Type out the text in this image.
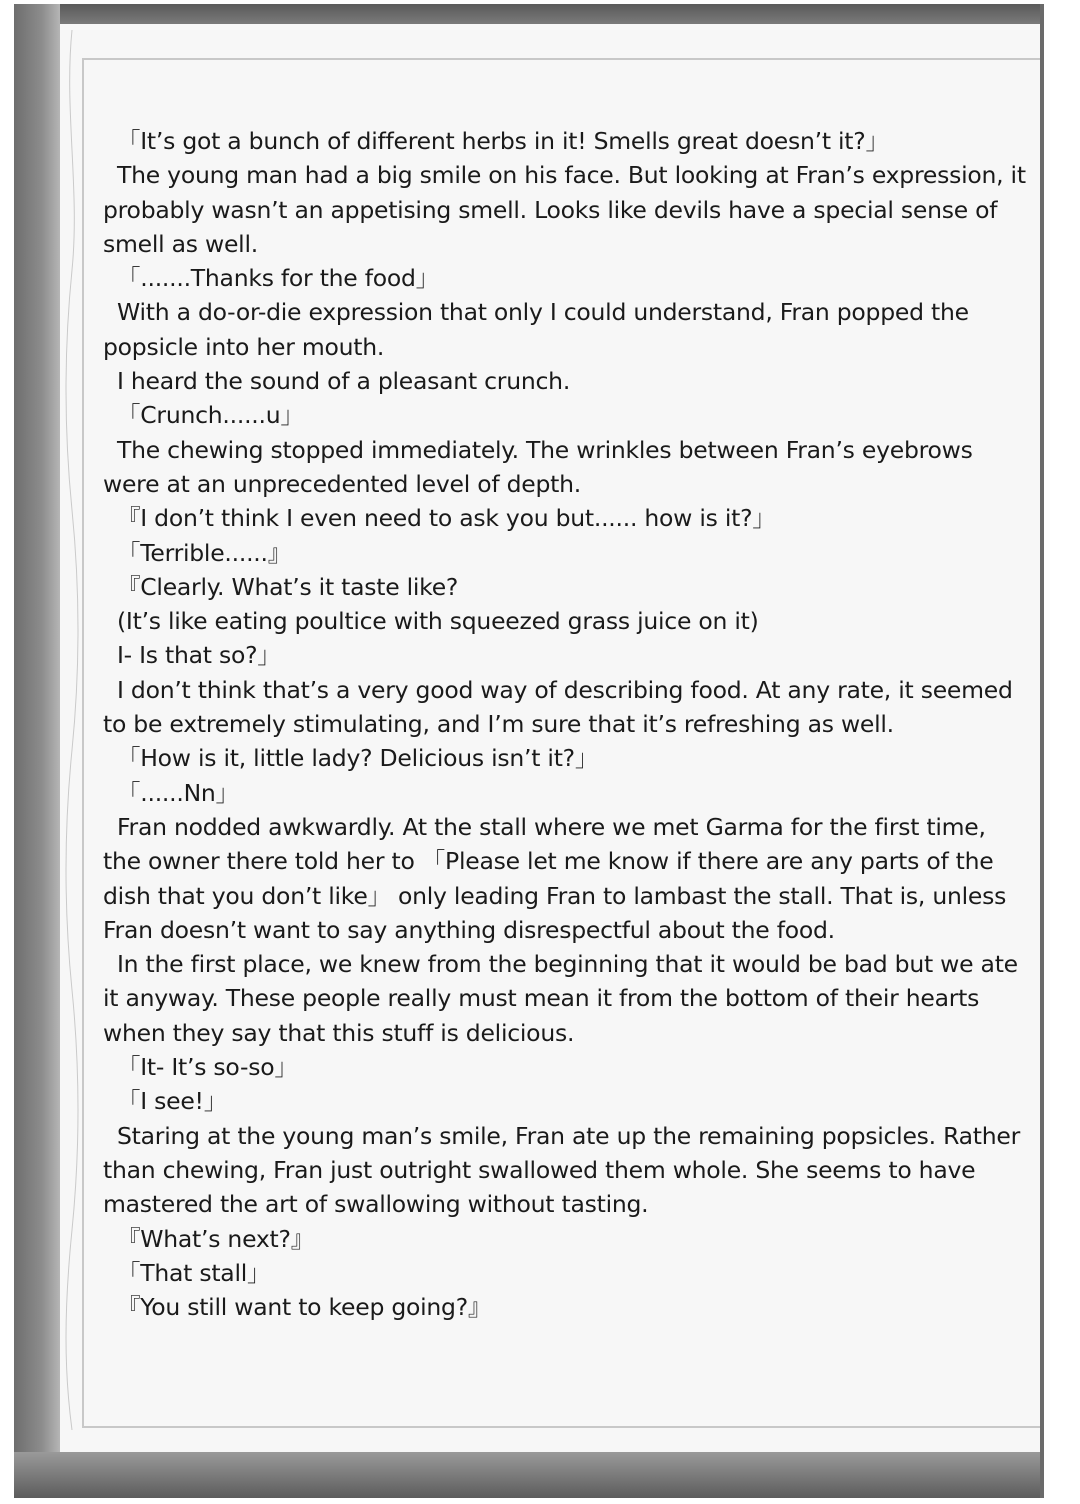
「It’s got a bunch of different herbs in it! Smells great doesn’t it?」

The young man had a big smile on his face. But looking at Fran’s expression, it probably wasn’t an appetising smell. Looks like devils have a special sense of smell as well.

「.......Thanks for the food」

With a do-or-die expression that only I could understand, Fran popped the popsicle into her mouth.

I heard the sound of a pleasant crunch.

「Crunch......u」

The chewing stopped immediately. The wrinkles between Fran’s eyebrows were at an unprecedented level of depth.

『I don’t think I even need to ask you but...... how is it?」

「Terrible......』

『Clearly. What’s it taste like?

(It’s like eating poultice with squeezed grass juice on it)

I- Is that so?」

I don’t think that’s a very good way of describing food. At any rate, it seemed to be extremely stimulating, and I’m sure that it’s refreshing as well.

「How is it, little lady? Delicious isn’t it?」

「......Nn」

Fran nodded awkwardly. At the stall where we met Garma for the first time, the owner there told her to 「Please let me know if there are any parts of the dish that you don’t like」 only leading Fran to lambast the stall. That is, unless Fran doesn’t want to say anything disrespectful about the food.

In the first place, we knew from the beginning that it would be bad but we ate it anyway. These people really must mean it from the bottom of their hearts when they say that this stuff is delicious.

「It- It’s so-so」

「I see!」

Staring at the young man’s smile, Fran ate up the remaining popsicles. Rather than chewing, Fran just outright swallowed them whole. She seems to have mastered the art of swallowing without tasting.

『What’s next?』

「That stall」

『You still want to keep going?』
